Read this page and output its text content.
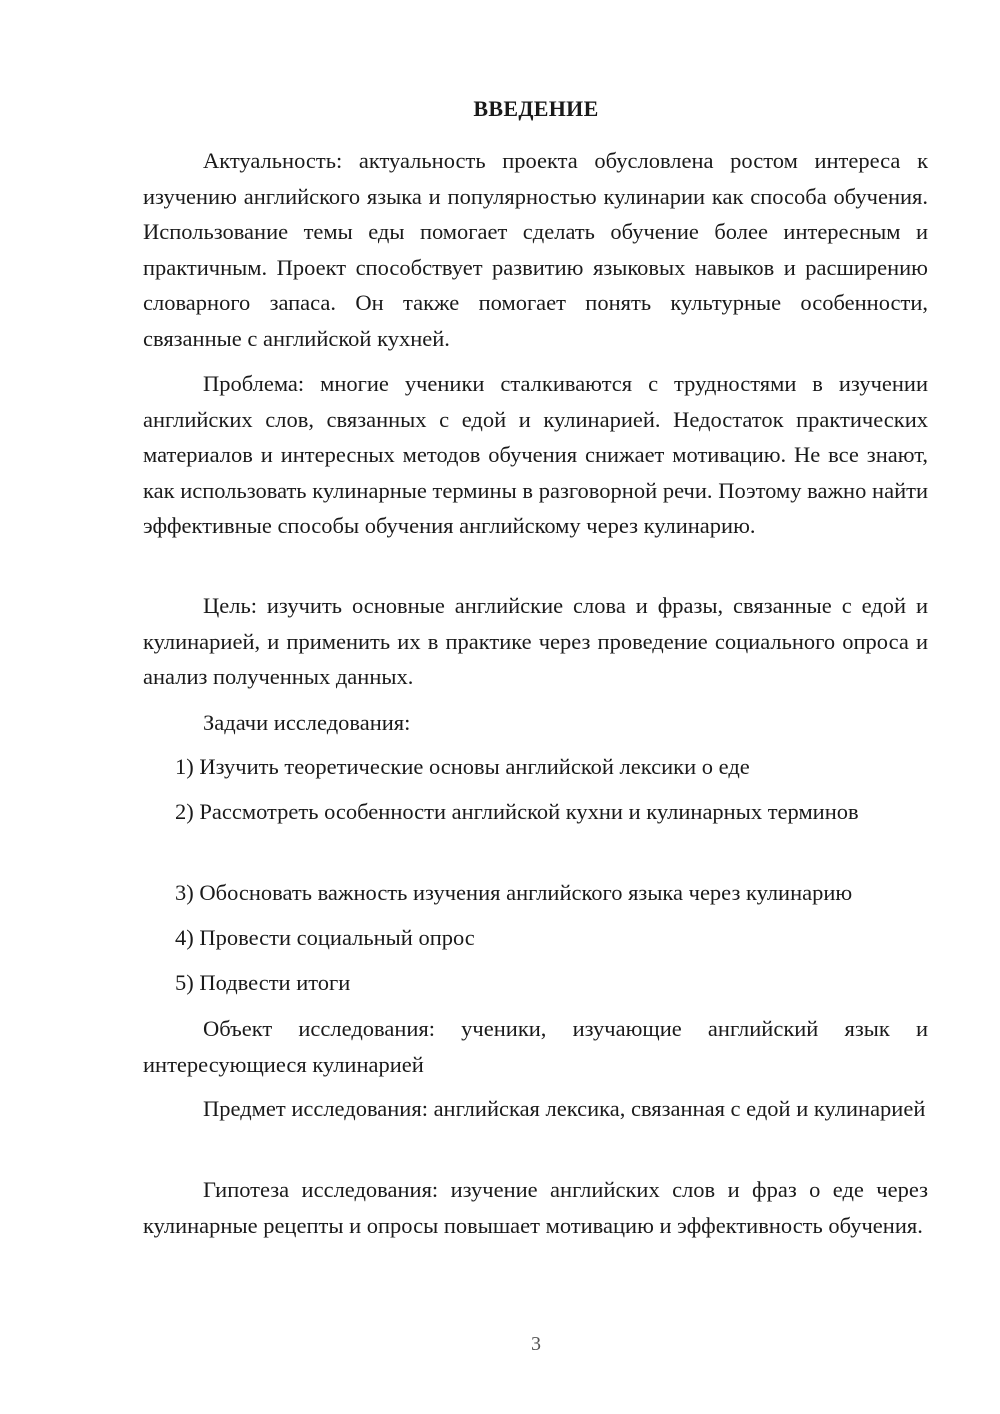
ВВЕДЕНИЕ

Актуальность: актуальность проекта обусловлена ростом интереса к изучению английского языка и популярностью кулинарии как способа обучения. Использование темы еды помогает сделать обучение более интересным и практичным. Проект способствует развитию языковых навыков и расширению словарного запаса. Он также помогает понять культурные особенности, связанные с английской кухней.

Проблема: многие ученики сталкиваются с трудностями в изучении английских слов, связанных с едой и кулинарией. Недостаток практических материалов и интересных методов обучения снижает мотивацию. Не все знают, как использовать кулинарные термины в разговорной речи. Поэтому важно найти эффективные способы обучения английскому через кулинарию.

Цель: изучить основные английские слова и фразы, связанные с едой и кулинарией, и применить их в практике через проведение социального опроса и анализ полученных данных.

Задачи исследования:

1) Изучить теоретические основы английской лексики о еде

2) Рассмотреть особенности английской кухни и кулинарных терминов

3) Обосновать важность изучения английского языка через кулинарию

4) Провести социальный опрос

5) Подвести итоги

Объект исследования: ученики, изучающие английский язык и интересующиеся кулинарией

Предмет исследования: английская лексика, связанная с едой и кулинарией

Гипотеза исследования: изучение английских слов и фраз о еде через кулинарные рецепты и опросы повышает мотивацию и эффективность обучения.

3
